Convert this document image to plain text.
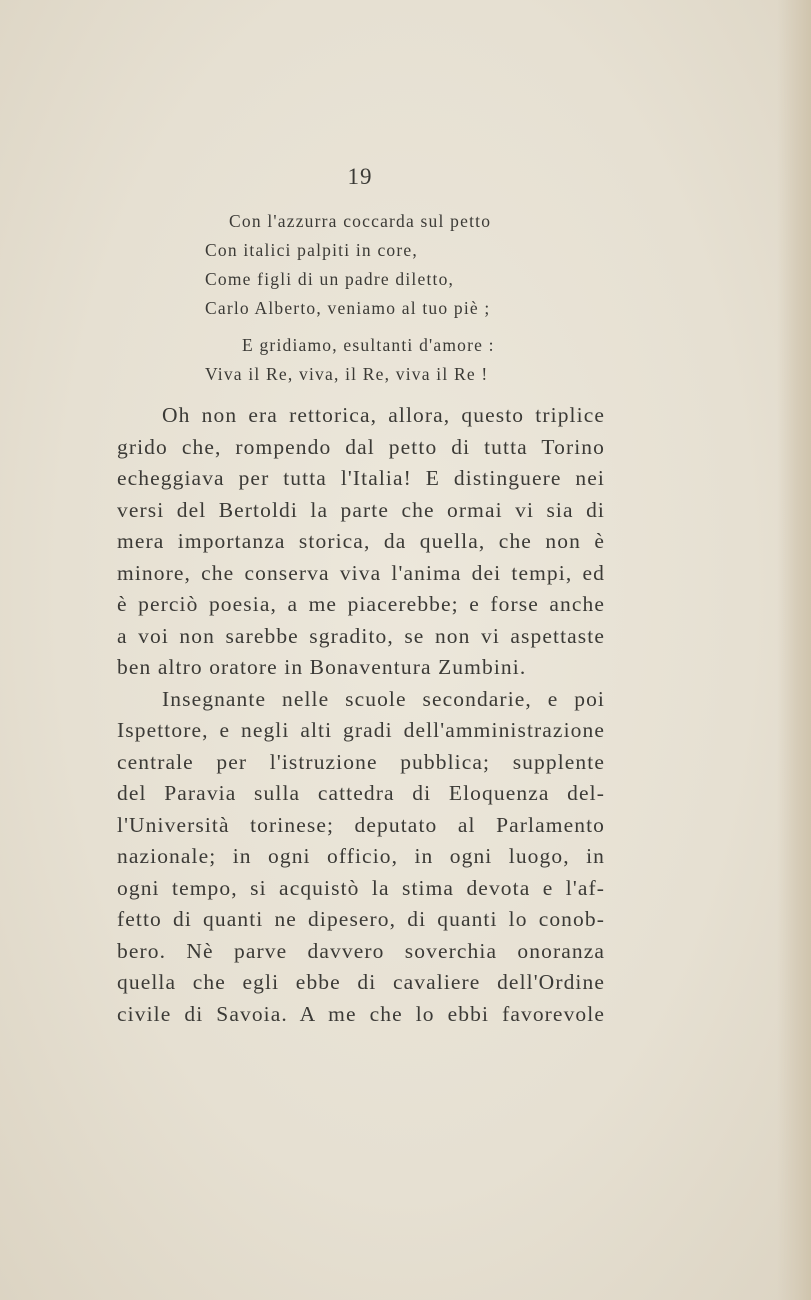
19
Con l'azzurra coccarda sul petto
Con italici palpiti in core,
Come figli di un padre diletto,
Carlo Alberto, veniamo al tuo piè ;
E gridiamo, esultanti d'amore :
Viva il Re, viva, il Re, viva il Re !
Oh non era rettorica, allora, questo triplice
grido che, rompendo dal petto di tutta Torino
echeggiava per tutta l'Italia! E distinguere nei
versi del Bertoldi la parte che ormai vi sia di
mera importanza storica, da quella, che non è
minore, che conserva viva l'anima dei tempi, ed
è perciò poesia, a me piacerebbe; e forse anche
a voi non sarebbe sgradito, se non vi aspettaste
ben altro oratore in Bonaventura Zumbini.
Insegnante nelle scuole secondarie, e poi
Ispettore, e negli alti gradi dell'amministrazione
centrale per l'istruzione pubblica; supplente
del Paravia sulla cattedra di Eloquenza del-
l'Università torinese; deputato al Parlamento
nazionale; in ogni officio, in ogni luogo, in
ogni tempo, si acquistò la stima devota e l'af-
fetto di quanti ne dipesero, di quanti lo conob-
bero. Nè parve davvero soverchia onoranza
quella che egli ebbe di cavaliere dell'Ordine
civile di Savoia. A me che lo ebbi favorevole
